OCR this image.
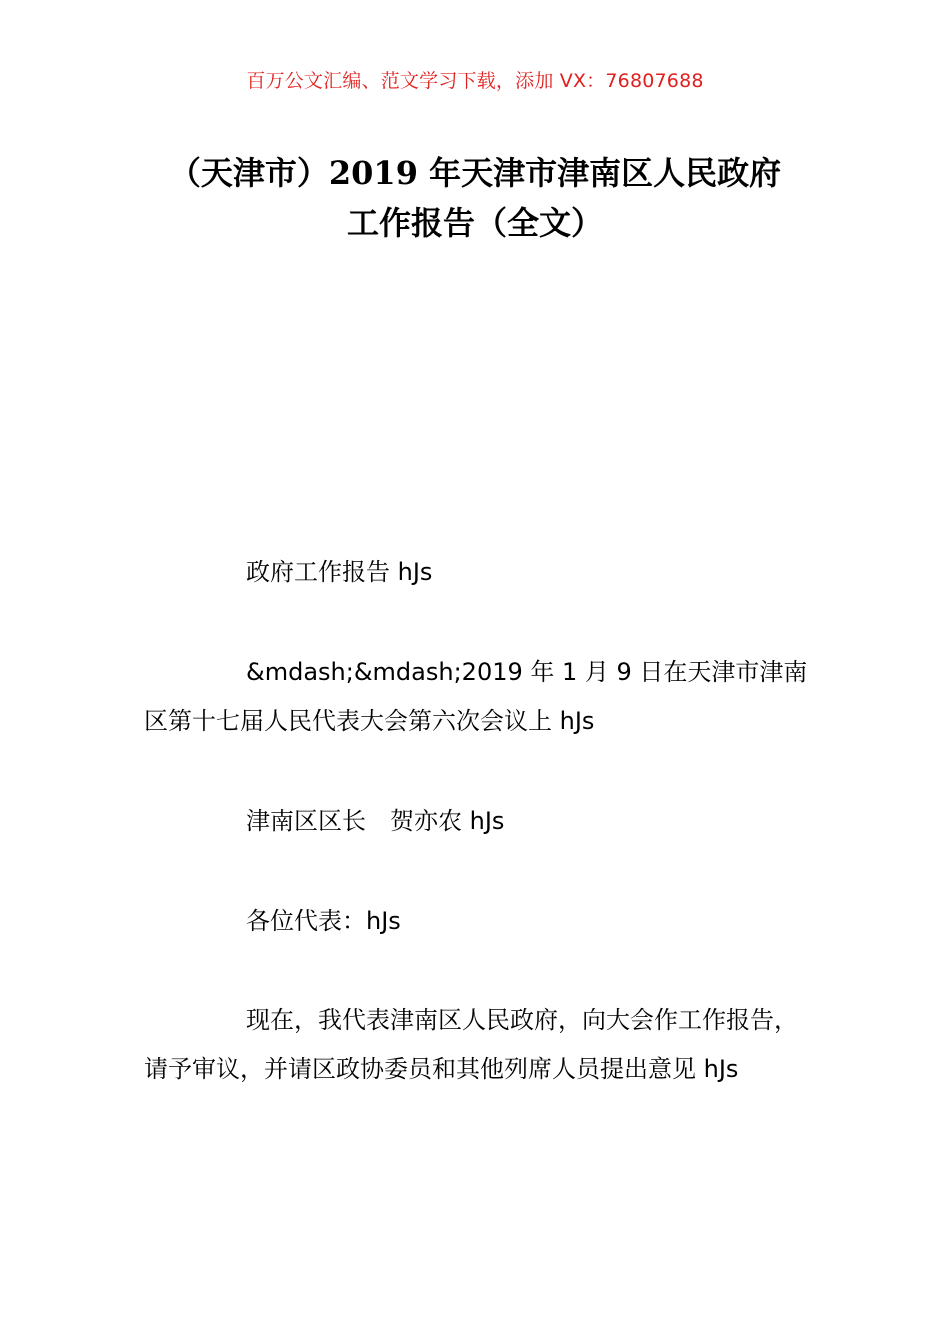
百万公文汇编、范文学习下载，添加 VX：76807688
（天津市）2019 年天津市津南区人民政府
工作报告（全文）

政府工作报告 hJs

&mdash;&mdash;2019 年 1 月 9 日在天津市津南区第十七届人民代表大会第六次会议上 hJs

津南区区长　贺亦农 hJs

各位代表：hJs

现在，我代表津南区人民政府，向大会作工作报告，请予审议，并请区政协委员和其他列席人员提出意见 hJs
